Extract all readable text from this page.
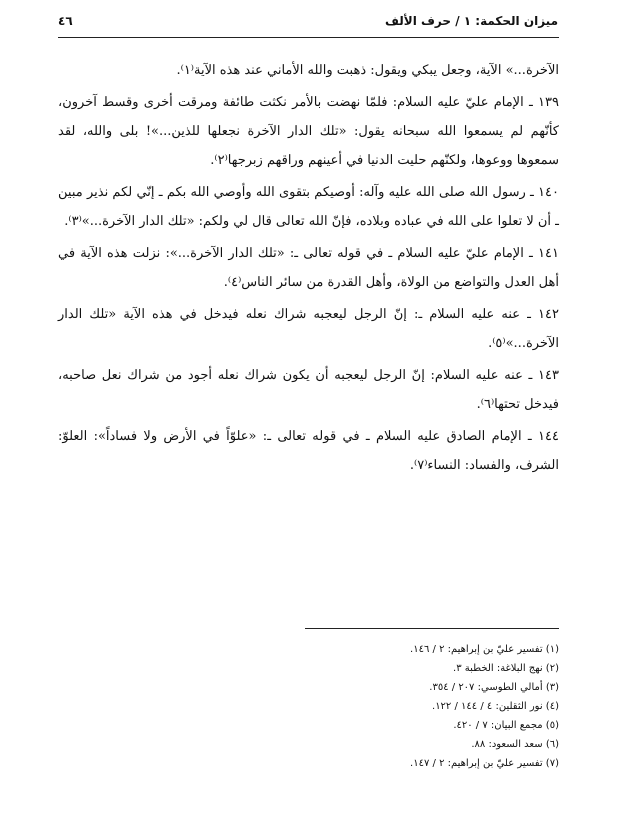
ميزان الحكمة: ١ / حرف الألف
٤٦

الآخرة...» الآية، وجعل يبكي ويقول: ذهبت والله الأماني عند هذه الآية⁽١⁾.

١٣٩ ـ الإمام عليّ عليه السلام: فلمّا نهضت بالأمر نكثت طائفة ومرقت أخرى وقسط آخرون، كأنّهم لم يسمعوا الله سبحانه يقول: «تلك الدار الآخرة نجعلها للذين...»! بلى والله، لقد سمعوها ووعوها، ولكنّهم حليت الدنيا في أعينهم وراقهم زبرجها⁽٢⁾.

١٤٠ ـ رسول الله صلى الله عليه وآله: أوصيكم بتقوى الله وأوصي الله بكم ـ إنّي لكم نذير مبين ـ أن لا تعلوا على الله في عباده وبلاده، فإنّ الله تعالى قال لي ولكم: «تلك الدار الآخرة...»⁽٣⁾.

١٤١ ـ الإمام عليّ عليه السلام ـ في قوله تعالى ـ: «تلك الدار الآخرة...»: نزلت هذه الآية في أهل العدل والتواضع من الولاة، وأهل القدرة من سائر الناس⁽٤⁾.

١٤٢ ـ عنه عليه السلام ـ: إنّ الرجل ليعجبه شراك نعله فيدخل في هذه الآية «تلك الدار الآخرة...»⁽٥⁾.

١٤٣ ـ عنه عليه السلام: إنّ الرجل ليعجبه أن يكون شراك نعله أجود من شراك نعل صاحبه، فيدخل تحتها⁽٦⁾.

١٤٤ ـ الإمام الصادق عليه السلام ـ في قوله تعالى ـ: «علوّاً في الأرض ولا فساداً»: العلوّ: الشرف، والفساد: النساء⁽٧⁾.

(١) تفسير عليّ بن إبراهيم: ٢ / ١٤٦.

(٢) نهج البلاغة: الخطبة ٣.

(٣) أمالي الطوسي: ٢٠٧ / ٣٥٤.

(٤) نور الثقلين: ٤ / ١٤٤ / ١٢٢.

(٥) مجمع البيان: ٧ / ٤٢٠.

(٦) سعد السعود: ٨٨.

(٧) تفسير عليّ بن إبراهيم: ٢ / ١٤٧.
